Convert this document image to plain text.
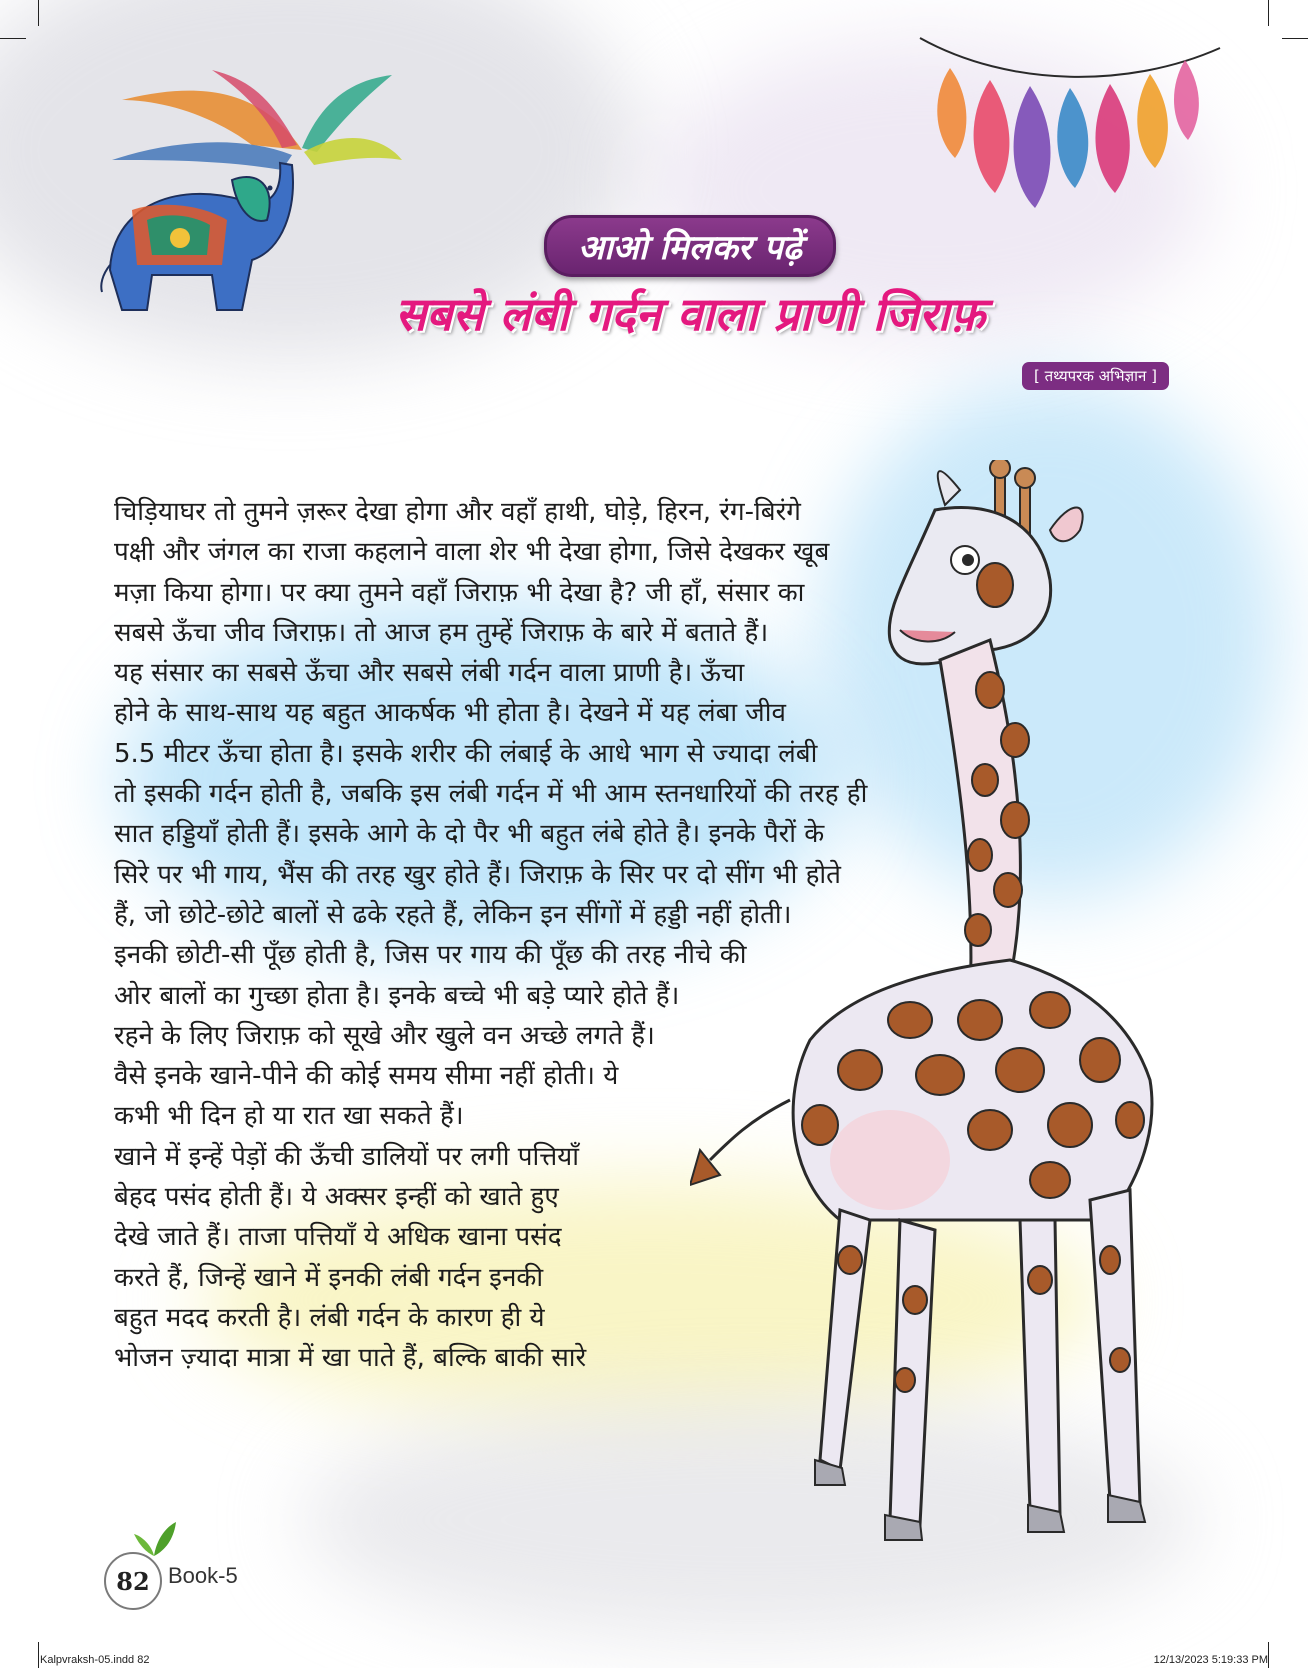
आओ मिलकर पढ़ें
सबसे लंबी गर्दन वाला प्राणी जिराफ़
[ तथ्यपरक अभिज्ञान ]
चिड़ियाघर तो तुमने ज़रूर देखा होगा और वहाँ हाथी, घोड़े, हिरन, रंग-बिरंगे
पक्षी और जंगल का राजा कहलाने वाला शेर भी देखा होगा, जिसे देखकर खूब
मज़ा किया होगा। पर क्या तुमने वहाँ जिराफ़ भी देखा है? जी हाँ, संसार का
सबसे ऊँचा जीव जिराफ़। तो आज हम तुम्हें जिराफ़ के बारे में बताते हैं।
यह संसार का सबसे ऊँचा और सबसे लंबी गर्दन वाला प्राणी है। ऊँचा
होने के साथ-साथ यह बहुत आकर्षक भी होता है। देखने में यह लंबा जीव
5.5 मीटर ऊँचा होता है। इसके शरीर की लंबाई के आधे भाग से ज्यादा लंबी
तो इसकी गर्दन होती है, जबकि इस लंबी गर्दन में भी आम स्तनधारियों की तरह ही
सात हड्डियाँ होती हैं। इसके आगे के दो पैर भी बहुत लंबे होते है। इनके पैरों के
सिरे पर भी गाय, भैंस की तरह खुर होते हैं। जिराफ़ के सिर पर दो सींग भी होते
हैं, जो छोटे-छोटे बालों से ढके रहते हैं, लेकिन इन सींगों में हड्डी नहीं होती।
इनकी छोटी-सी पूँछ होती है, जिस पर गाय की पूँछ की तरह नीचे की
ओर बालों का गुच्छा होता है। इनके बच्चे भी बड़े प्यारे होते हैं।
रहने के लिए जिराफ़ को सूखे और खुले वन अच्छे लगते हैं।
वैसे इनके खाने-पीने की कोई समय सीमा नहीं होती। ये
कभी भी दिन हो या रात खा सकते हैं।
खाने में इन्हें पेड़ों की ऊँची डालियों पर लगी पत्तियाँ
बेहद पसंद होती हैं। ये अक्सर इन्हीं को खाते हुए
देखे जाते हैं। ताजा पत्तियाँ ये अधिक खाना पसंद
करते हैं, जिन्हें खाने में इनकी लंबी गर्दन इनकी
बहुत मदद करती है। लंबी गर्दन के कारण ही ये
भोजन ज़्यादा मात्रा में खा पाते हैं, बल्कि बाकी सारे
82 Book-5
Kalpvraksh-05.indd 82	12/13/2023 5:19:33 PM
